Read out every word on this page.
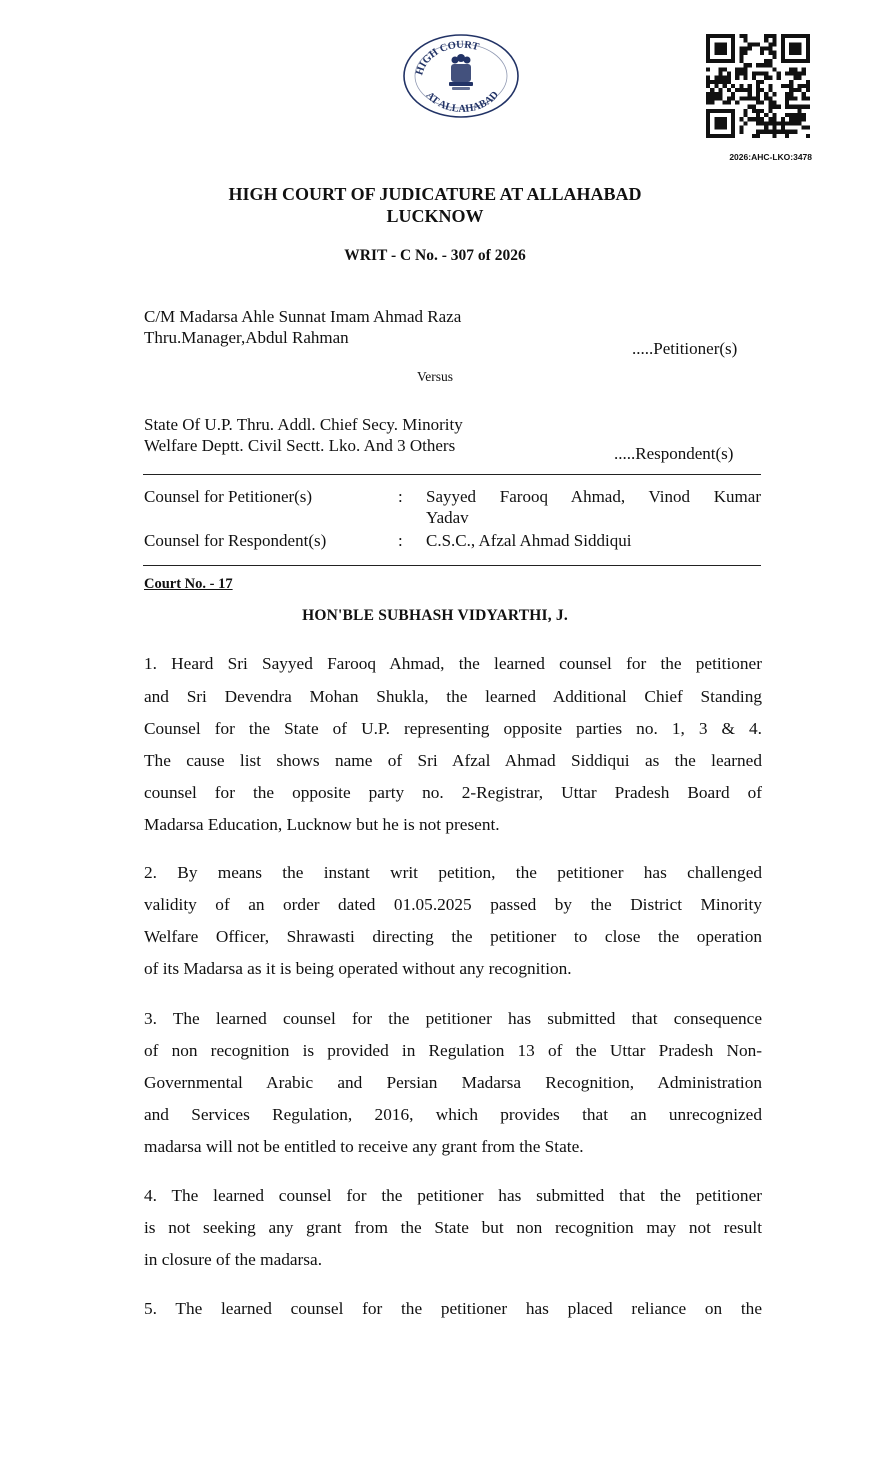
HIGH COURT
AT ALLAHABAD
2026:AHC-LKO:3478
HIGH COURT OF JUDICATURE AT ALLAHABAD
LUCKNOW
WRIT - C No. - 307 of 2026
C/M Madarsa Ahle Sunnat Imam Ahmad Raza
Thru.Manager,Abdul Rahman
.....Petitioner(s)
Versus
State Of U.P. Thru. Addl. Chief Secy. Minority
Welfare Deptt. Civil Sectt. Lko. And 3 Others	.....Respondent(s)
Counsel for Petitioner(s)	: Sayyed Farooq Ahmad, Vinod Kumar
Yadav
Counsel for Respondent(s)	: C.S.C., Afzal Ahmad Siddiqui
Court No. - 17
HON'BLE SUBHASH VIDYARTHI, J.
1. Heard Sri Sayyed Farooq Ahmad, the learned counsel for the petitioner
and Sri Devendra Mohan Shukla, the learned Additional Chief Standing
Counsel for the State of U.P. representing opposite parties no. 1, 3 & 4.
The cause list shows name of Sri Afzal Ahmad Siddiqui as the learned
counsel for the opposite party no. 2-Registrar, Uttar Pradesh Board of
Madarsa Education, Lucknow but he is not present.
2. By means the instant writ petition, the petitioner has challenged
validity of an order dated 01.05.2025 passed by the District Minority
Welfare Officer, Shrawasti directing the petitioner to close the operation
of its Madarsa as it is being operated without any recognition.
3. The learned counsel for the petitioner has submitted that consequence
of non recognition is provided in Regulation 13 of the Uttar Pradesh Non-
Governmental Arabic and Persian Madarsa Recognition, Administration
and Services Regulation, 2016, which provides that an unrecognized
madarsa will not be entitled to receive any grant from the State.
4. The learned counsel for the petitioner has submitted that the petitioner
is not seeking any grant from the State but non recognition may not result
in closure of the madarsa.
5. The learned counsel for the petitioner has placed reliance on the
